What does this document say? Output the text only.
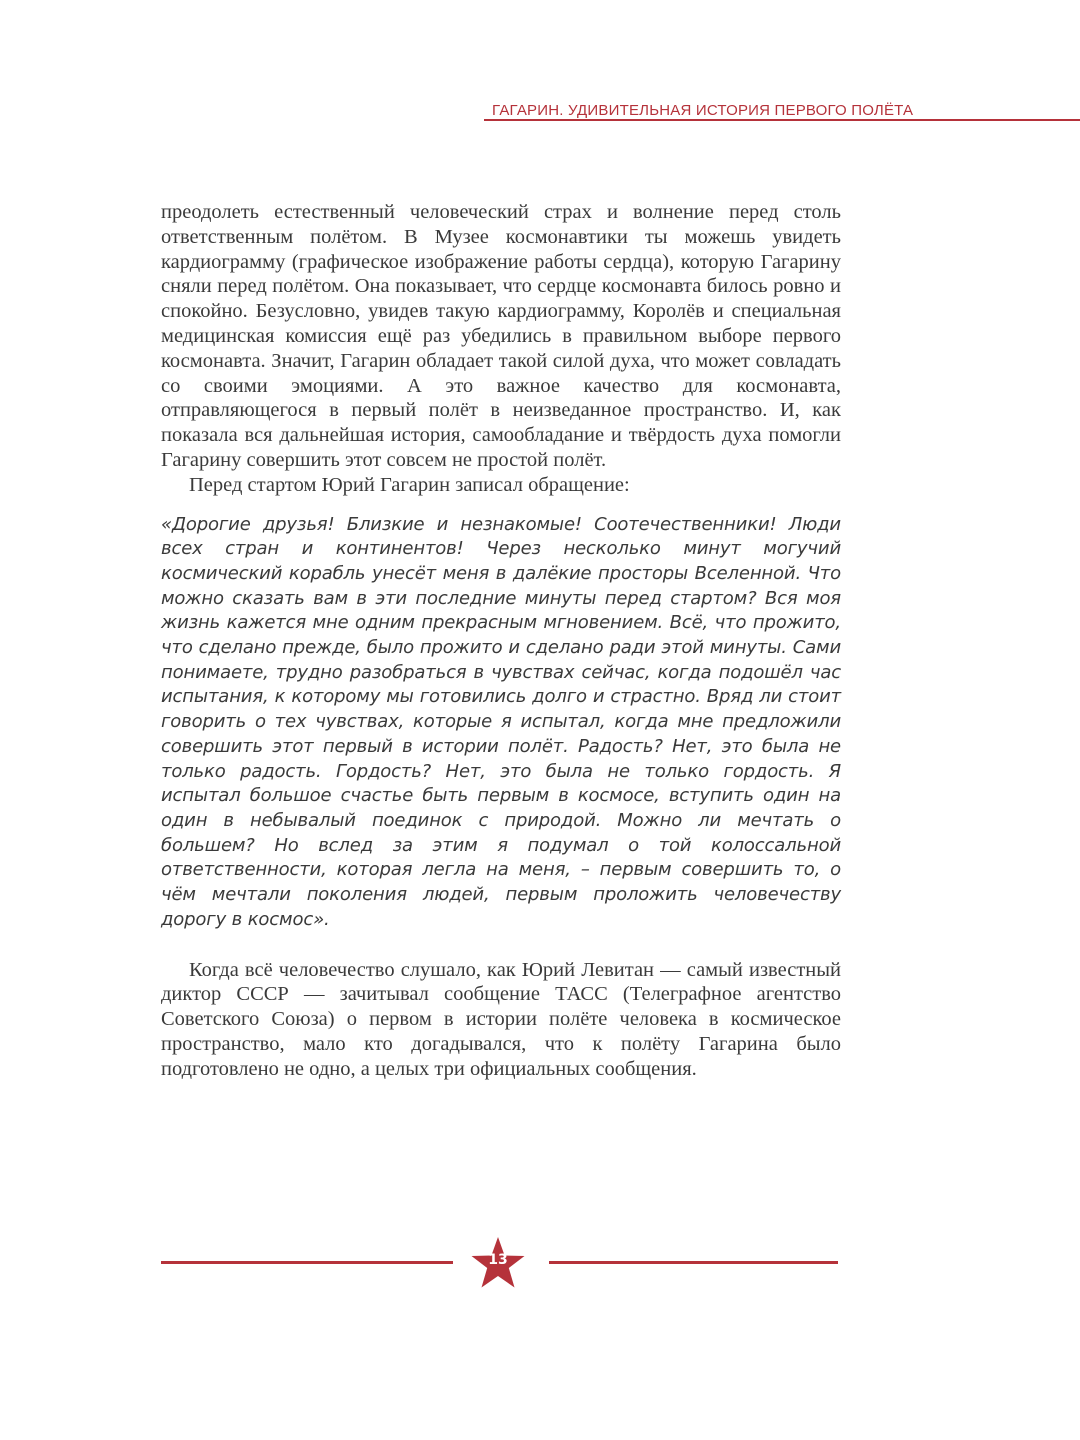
ГАГАРИН. УДИВИТЕЛЬНАЯ ИСТОРИЯ ПЕРВОГО ПОЛЁТА

преодолеть естественный человеческий страх и волнение перед столь ответственным полётом. В Музее космонавтики ты можешь увидеть кардиограмму (графическое изображение работы сердца), которую Гагарину сняли перед полётом. Она показывает, что сердце космонавта билось ровно и спокойно. Безусловно, увидев такую кардиограмму, Королёв и специальная медицинская комиссия ещё раз убедились в правильном выборе первого космонавта. Значит, Гагарин обладает такой силой духа, что может совладать со своими эмоциями. А это важное качество для космонавта, отправляющегося в первый полёт в неизведанное пространство. И, как показала вся дальнейшая история, самообладание и твёрдость духа помогли Гагарину совершить этот совсем не простой полёт.

Перед стартом Юрий Гагарин записал обращение:

«Дорогие друзья! Близкие и незнакомые! Соотечественники! Люди всех стран и континентов! Через несколько минут могучий космический корабль унесёт меня в далёкие просторы Вселенной. Что можно сказать вам в эти последние минуты перед стартом? Вся моя жизнь кажется мне одним прекрасным мгновением. Всё, что прожито, что сделано прежде, было прожито и сделано ради этой минуты. Сами понимаете, трудно разобраться в чувствах сейчас, когда подошёл час испытания, к которому мы готовились долго и страстно. Вряд ли стоит говорить о тех чувствах, которые я испытал, когда мне предложили совершить этот первый в истории полёт. Радость? Нет, это была не только радость. Гордость? Нет, это была не только гордость. Я испытал большое счастье быть первым в космосе, вступить один на один в небывалый поединок с природой. Можно ли мечтать о большем? Но вслед за этим я подумал о той колоссальной ответственности, которая легла на меня, – первым совершить то, о чём мечтали поколения людей, первым проложить человечеству дорогу в космос».

Когда всё человечество слушало, как Юрий Левитан — самый известный диктор СССР — зачитывал сообщение ТАСС (Телеграфное агентство Советского Союза) о первом в истории полёте человека в космическое пространство, мало кто догадывался, что к полёту Гагарина было подготовлено не одно, а целых три официальных сообщения.

13
